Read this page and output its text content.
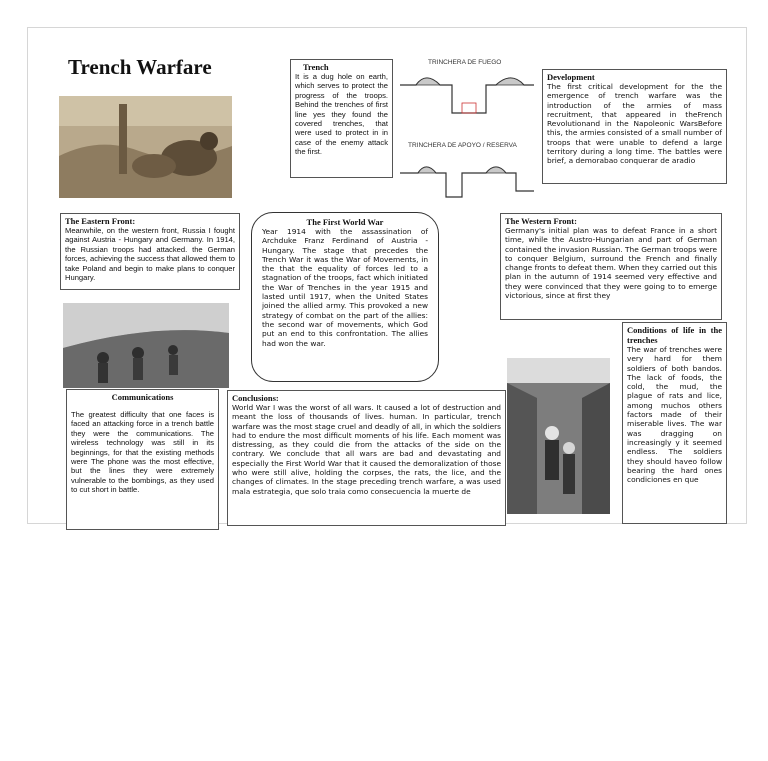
Trench Warfare	Trench

It is a dug hole on earth, which serves to protect the progress of the troops. Behind the trenches of first line yes they found the covered trenches, that were used to protect in in case of the enemy attack the first.

TRINCHERA DE FUEGO
TRINCHERA DE APOYO / RESERVA
Development

The first critical development for the the emergence of trench warfare was the introduction of the armies of mass recruitment, that appeared in theFrench Revolutionand in the Napoleonic WarsBefore this, the armies consisted of a small number of troops that were unable to defend a large territory during a long time. The battles were brief, a demorabao conquerar de aradio

The Eastern Front:

Meanwhile, on the western front, Russia I fought against Austria - Hungary and Germany. In 1914, the Russian troops had attacked. the German forces, achieving the success that allowed them to take Poland and begin to make plans to conquer Hungary.

The First World War

Year 1914 with the assassination of Archduke Franz Ferdinand of Austria - Hungary. The stage that precedes the Trench War it was the War of Movements, in the that the equality of forces led to a stagnation of the troops, fact which initiated the War of Trenches in the year 1915 and lasted until 1917, when the United States joined the allied army. This provoked a new strategy of combat on the part of the allies: the second war of movements, which God put an end to this confrontation. The allies had won the war.

The Western Front:

Germany's initial plan was to defeat France in a short time, while the Austro-Hungarian and part of German contained the invasion Russian. The German troops were to conquer Belgium, surround the French and finally change fronts to defeat them. When they carried out this plan in the autumn of 1914 seemed very effective and they were convinced that they were going to to emerge victorious, since at first they

Conditions of life in the trenches

The war of trenches were very hard for them soldiers of both bandos. The lack of foods, the cold, the mud, the plague of rats and lice, among muchos others factors made of their miserable lives. The war was dragging on increasingly y it seemed endless. The soldiers they should haveo follow bearing the hard ones condiciones en que

Communications

The greatest difficulty that one faces is faced an attacking force in a trench battle they were the communications. The wireless technology was still in its beginnings, for that the existing methods were The phone was the most effective, but the lines they were extremely vulnerable to the bombings, as they used to cut short in battle.

Conclusions:

World War I was the worst of all wars. It caused a lot of destruction and meant the loss of thousands of lives. human. In particular, trench warfare was the most stage cruel and deadly of all, in which the soldiers had to endure the most difficult moments of his life. Each moment was distressing, as they could die from the attacks of the side on the contrary. We conclude that all wars are bad and devastating and especially the First World War that it caused the demoralization of those who were still alive, holding the corpses, the rats, the lice, and the changes of climates. In the stage preceding trench warfare, a was used mala estrategia, que solo traia como consecuencia la muerte de
